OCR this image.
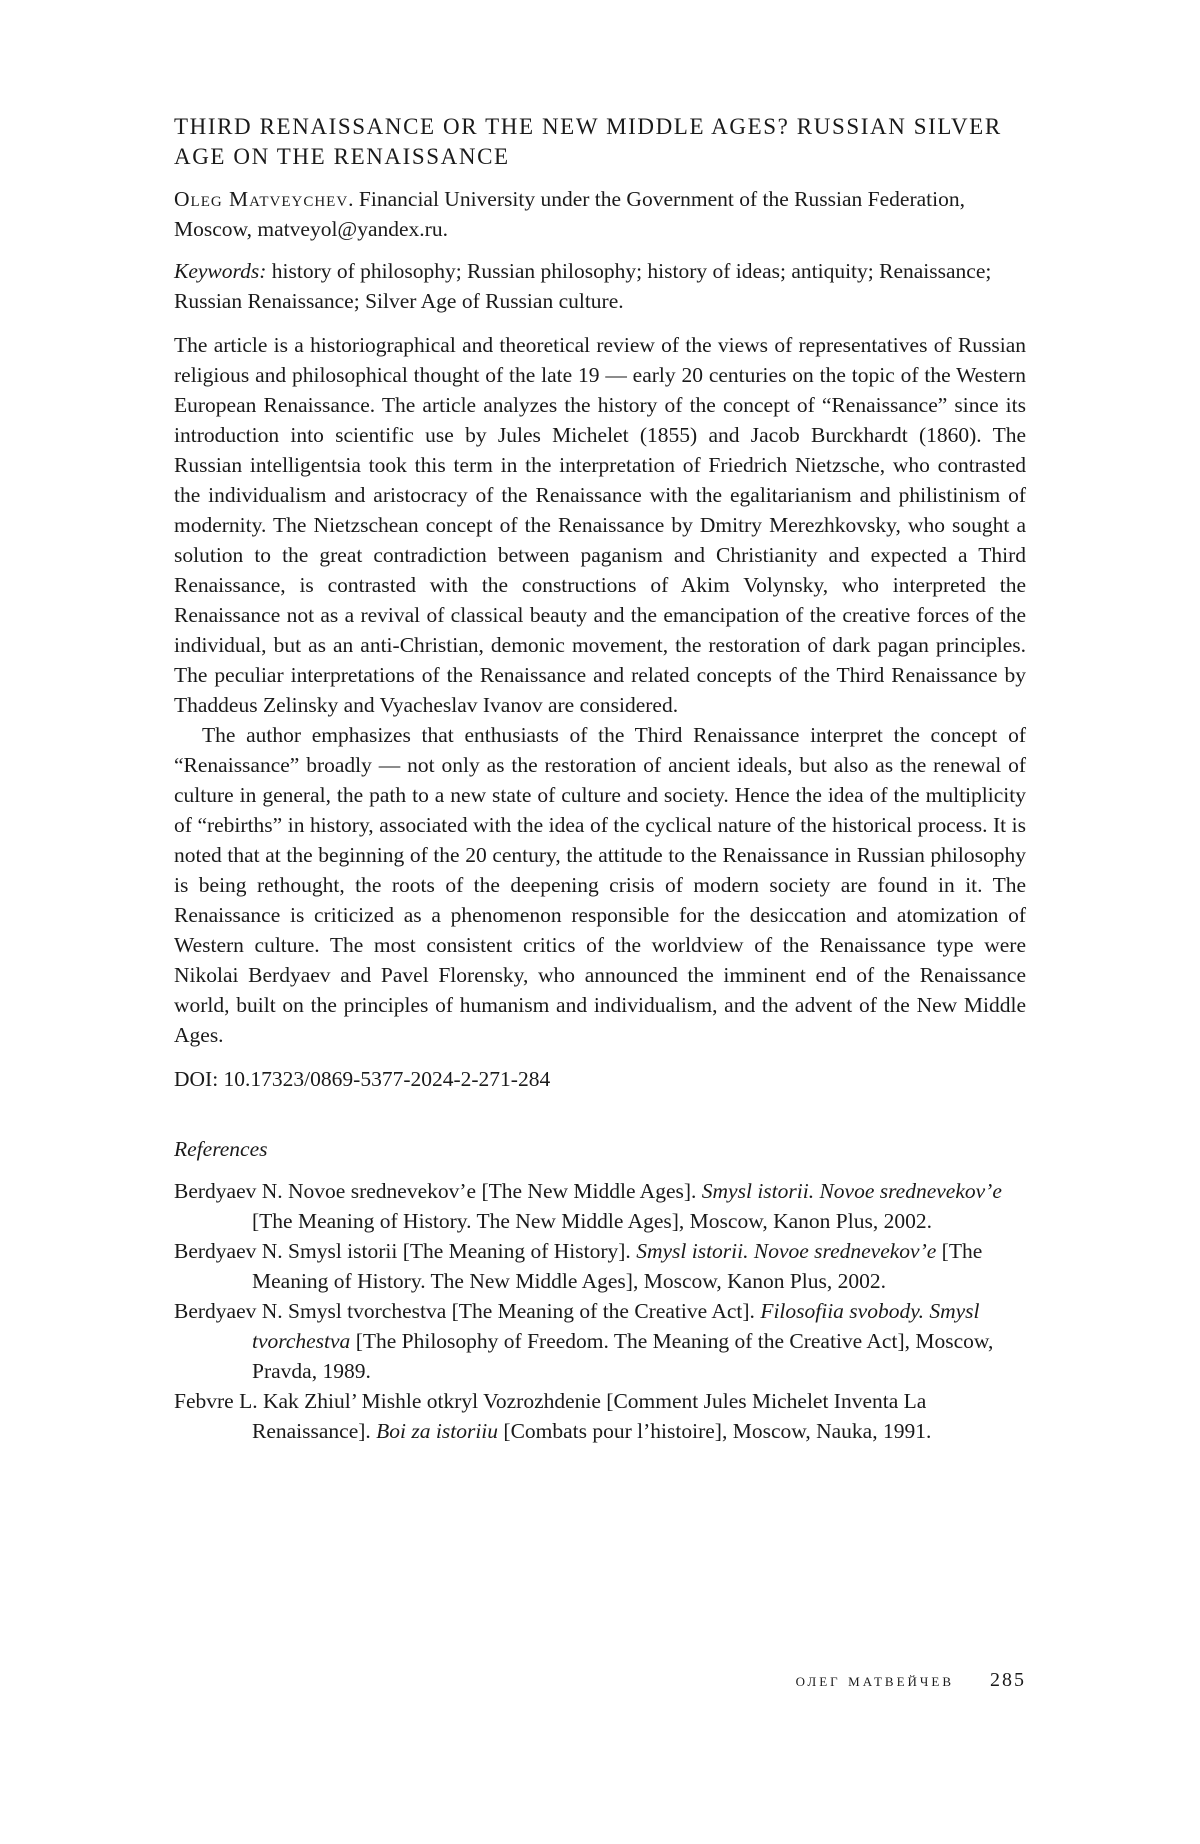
THIRD RENAISSANCE OR THE NEW MIDDLE AGES? RUSSIAN SILVER AGE ON THE RENAISSANCE

Oleg Matveychev. Financial University under the Government of the Russian Federation, Moscow, matveyol@yandex.ru.

Keywords: history of philosophy; Russian philosophy; history of ideas; antiquity; Renaissance; Russian Renaissance; Silver Age of Russian culture.

The article is a historiographical and theoretical review of the views of representatives of Russian religious and philosophical thought of the late 19 — early 20 centuries on the topic of the Western European Renaissance. The article analyzes the history of the concept of “Renaissance” since its introduction into scientific use by Jules Michelet (1855) and Jacob Burckhardt (1860). The Russian intelligentsia took this term in the interpretation of Friedrich Nietzsche, who contrasted the individualism and aristocracy of the Renaissance with the egalitarianism and philistinism of modernity. The Nietzschean concept of the Renaissance by Dmitry Merezhkovsky, who sought a solution to the great contradiction between paganism and Christianity and expected a Third Renaissance, is contrasted with the constructions of Akim Volynsky, who interpreted the Renaissance not as a revival of classical beauty and the emancipation of the creative forces of the individual, but as an anti-Christian, demonic movement, the restoration of dark pagan principles. The peculiar interpretations of the Renaissance and related concepts of the Third Renaissance by Thaddeus Zelinsky and Vyacheslav Ivanov are considered.

The author emphasizes that enthusiasts of the Third Renaissance interpret the concept of “Renaissance” broadly — not only as the restoration of ancient ideals, but also as the renewal of culture in general, the path to a new state of culture and society. Hence the idea of the multiplicity of “rebirths” in history, associated with the idea of the cyclical nature of the historical process. It is noted that at the beginning of the 20 century, the attitude to the Renaissance in Russian philosophy is being rethought, the roots of the deepening crisis of modern society are found in it. The Renaissance is criticized as a phenomenon responsible for the desiccation and atomization of Western culture. The most consistent critics of the worldview of the Renaissance type were Nikolai Berdyaev and Pavel Florensky, who announced the imminent end of the Renaissance world, built on the principles of humanism and individualism, and the advent of the New Middle Ages.

DOI: 10.17323/0869-5377-2024-2-271-284

References
Berdyaev N. Novoe srednevekov’e [The New Middle Ages]. Smysl istorii. Novoe srednevekov’e [The Meaning of History. The New Middle Ages], Moscow, Kanon Plus, 2002.
Berdyaev N. Smysl istorii [The Meaning of History]. Smysl istorii. Novoe srednevekov’e [The Meaning of History. The New Middle Ages], Moscow, Kanon Plus, 2002.
Berdyaev N. Smysl tvorchestva [The Meaning of the Creative Act]. Filosofiia svobody. Smysl tvorchestva [The Philosophy of Freedom. The Meaning of the Creative Act], Moscow, Pravda, 1989.
Febvre L. Kak Zhiul’ Mishle otkryl Vozrozhdenie [Comment Jules Michelet Inventa La Renaissance]. Boi za istoriiu [Combats pour l’histoire], Moscow, Nauka, 1991.
олег матвейчев 285
